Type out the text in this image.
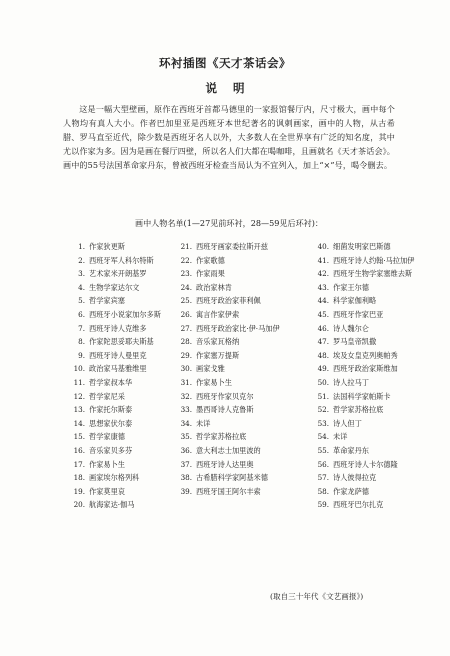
环衬插图《天才茶话会》
说明

这是一幅大型壁画，原作在西班牙首都马德里的一家报馆餐厅内，尺寸极大，画中每个人物均有真人大小。作者巴加里亚是西班牙本世纪著名的讽刺画家，画中的人物，从古希腊、罗马直至近代，除少数是西班牙名人以外，大多数人在全世界享有广泛的知名度，其中尤以作家为多。因为是画在餐厅四壁，所以名人们大都在喝咖啡，且画就名《天才茶话会》。画中的55号法国革命家丹东，曾被西班牙检查当局认为不宜列入，加上“×”号，喝令删去。

画中人物名单(1—27见前环衬，28—59见后环衬)：
1. 作家狄更斯
2. 西班牙军人科尔特斯
3. 艺术家米开朗基罗
4. 生物学家达尔文
5. 哲学家宾塞
6. 西班牙小说家加尔多斯
7. 西班牙诗人克维多
8. 作家陀思妥耶夫斯基
9. 西班牙诗人曼里克
10. 政治家马基雅维里
11. 哲学家叔本华
12. 哲学家尼采
13. 作家托尔斯泰
14. 思想家伏尔泰
15. 哲学家康德
16. 音乐家贝多芬
17. 作家易卜生
18. 画家埃尔格列科
19. 作家莫里哀
20. 航海家达·伽马
21. 西班牙画家委拉斯开兹
22. 作家歌德
23. 作家雨果
24. 政治家林肯
25. 西班牙政治家菲利佩
26. 寓言作家伊索
27. 西班牙政治家比·伊·马加伊
28. 音乐家瓦格纳
29. 作家塞万提斯
30. 画家戈雅
31. 作家易卜生
32. 西班牙作家贝克尔
33. 墨西哥诗人克鲁斯
34. 未详
35. 哲学家苏格拉底
36. 意大利志士加里波的
37. 西班牙诗人达里奥
38. 古希腊科学家阿基米德
39. 西班牙国王阿尔丰索
40. 细菌发明家巴斯德
41. 西班牙诗人约翰·马拉加伊
42. 西班牙生物学家塞维去斯
43. 作家王尔德
44. 科学家伽利略
45. 西班牙作家巴亚
46. 诗人魏尔仑
47. 罗马皇帝凯撒
48. 埃及女皇克列奥帕秀
49. 西班牙政治家斯维加
50. 诗人拉马丁
51. 法国科学家帕斯卡
52. 哲学家苏格拉底
53. 诗人但丁
54. 未详
55. 革命家丹东
56. 西班牙诗人卡尔德隆
57. 诗人彼得拉克
58. 作家龙萨德
59. 西班牙巴尔扎克
(取自三十年代《文艺画报》)
